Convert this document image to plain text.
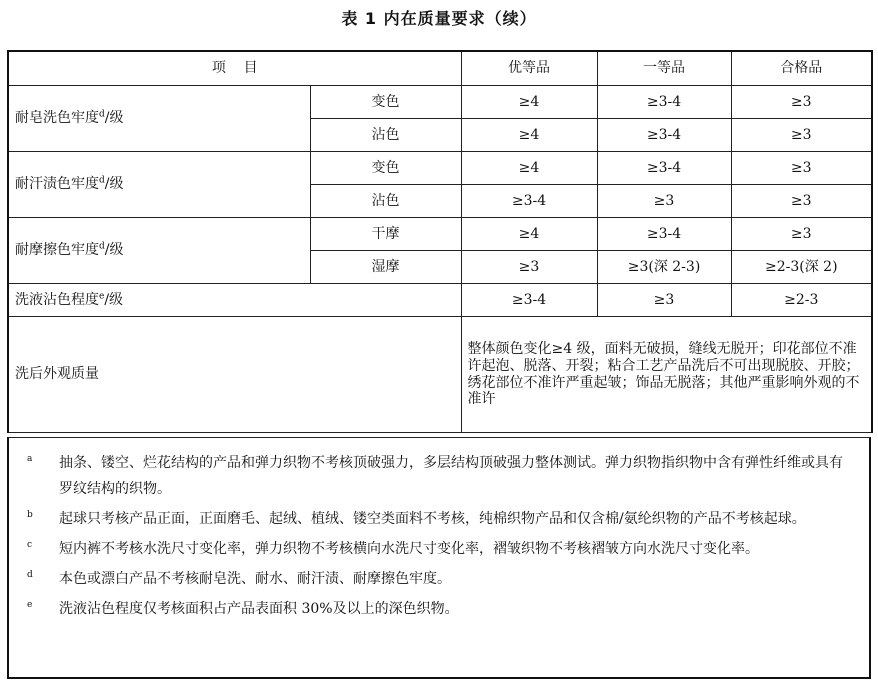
表 1 内在质量要求（续）
项    目		优等品	一等品	合格品
耐皂洗色牢度$^d$/级	变色	≥4	≥3-4	≥3
	沾色	≥4	≥3-4	≥3
耐汗渍色牢度$^d$/级	变色	≥4	≥3-4	≥3
	沾色	≥3-4	≥3	≥3
耐摩擦色牢度$^d$/级	干摩	≥4	≥3-4	≥3
	湿摩	≥3	≥3(深 2-3)	≥2-3(深 2)
洗液沾色程度$^e$/级		≥3-4	≥3	≥2-3
洗后外观质量		整体颜色变化≥4 级，面料无破损，缝线无脱开；印花部位不准许起泡、脱落、开裂；粘合工艺产品洗后不可出现脱胶、开胶；绣花部位不准许严重起皱；饰品无脱落；其他严重影响外观的不准许		
a	抽条、镂空、烂花结构的产品和弹力织物不考核顶破强力，多层结构顶破强力整体测试。弹力织物指织物中含有弹性纤维或具有罗纹结构的织物。
b	起球只考核产品正面，正面磨毛、起绒、植绒、镂空类面料不考核，纯棉织物产品和仅含棉/氨纶织物的产品不考核起球。
c	短内裤不考核水洗尺寸变化率，弹力织物不考核横向水洗尺寸变化率，褶皱织物不考核褶皱方向水洗尺寸变化率。
d	本色或漂白产品不考核耐皂洗、耐水、耐汗渍、耐摩擦色牢度。
e	洗液沾色程度仅考核面积占产品表面积 30%及以上的深色织物。
